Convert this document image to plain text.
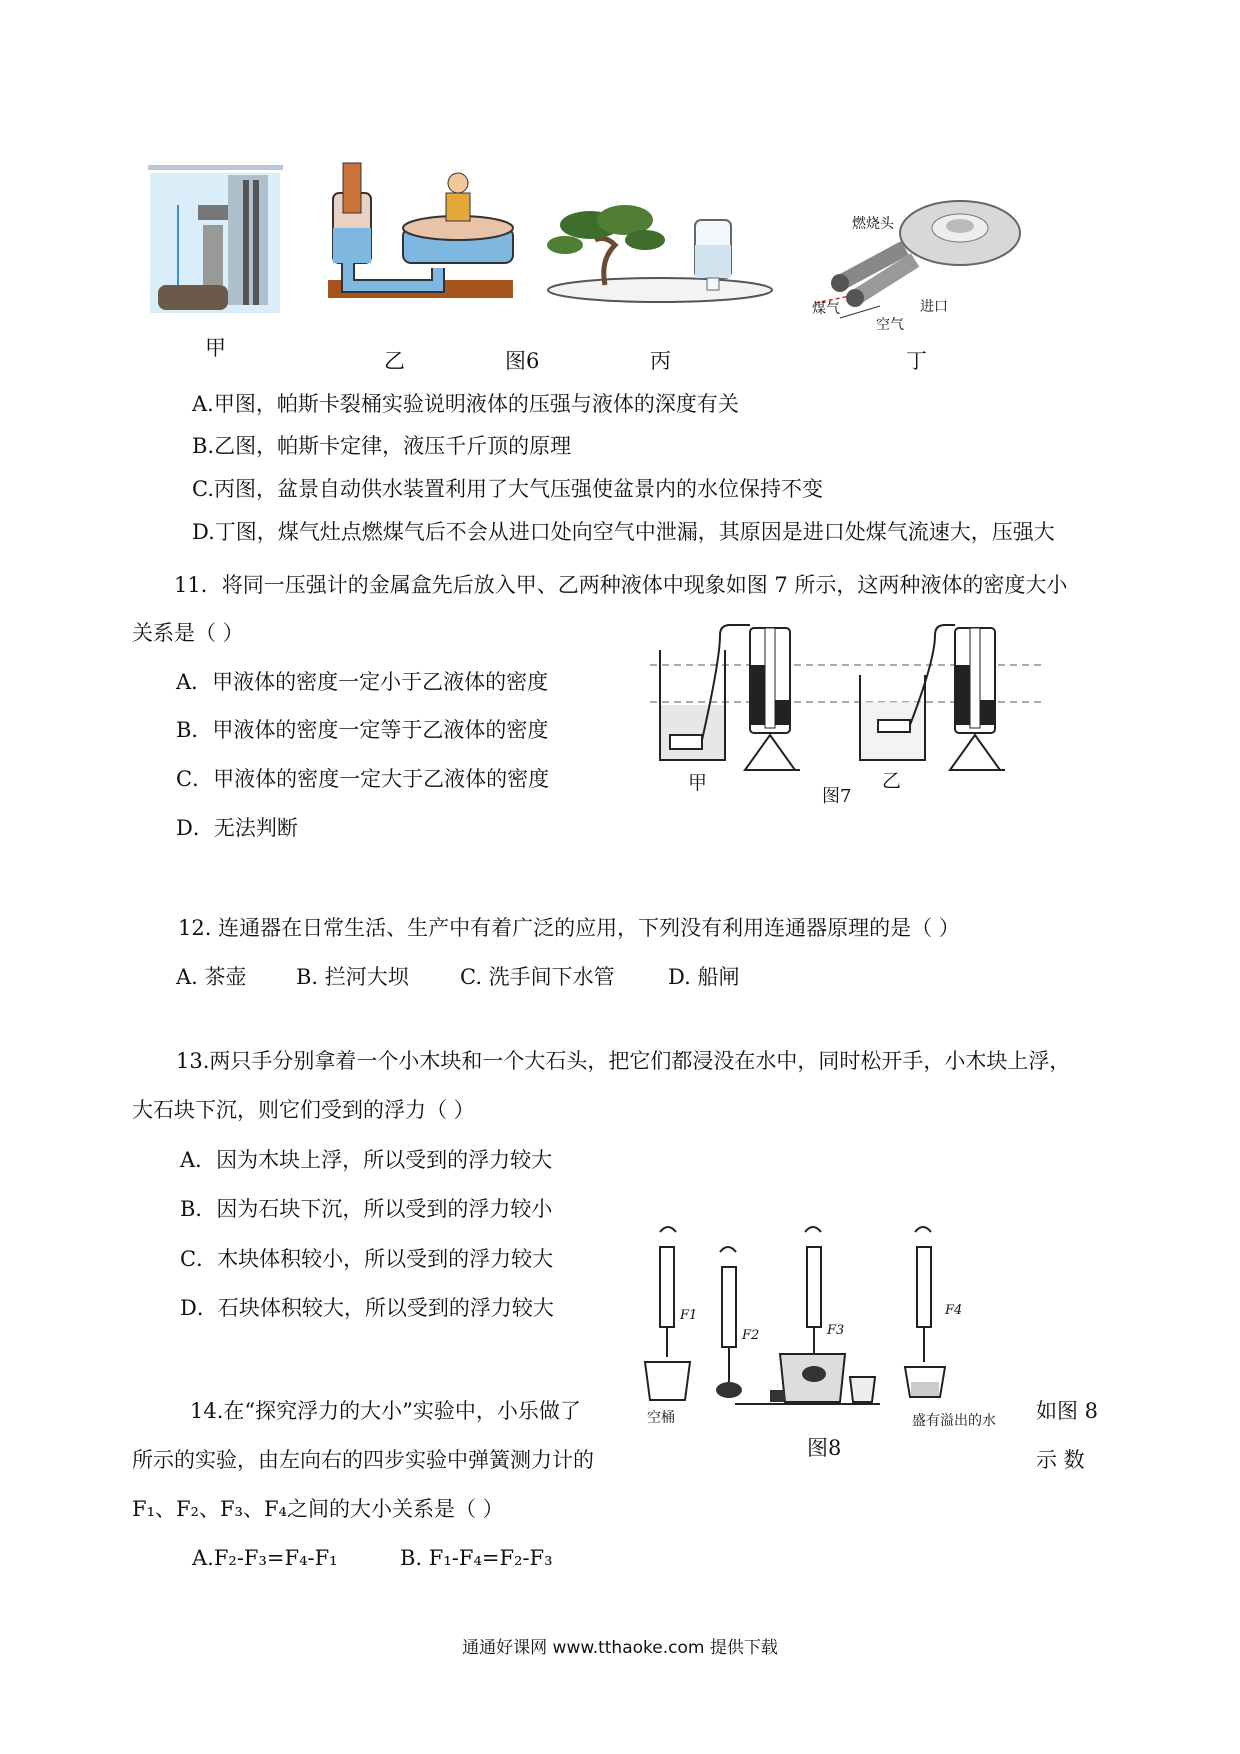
甲
乙	图6	丙
燃烧头
煤气	进口
空气
丁
A.甲图，帕斯卡裂桶实验说明液体的压强与液体的深度有关
B.乙图，帕斯卡定律，液压千斤顶的原理
C.丙图，盆景自动供水装置利用了大气压强使盆景内的水位保持不变
D.丁图，煤气灶点燃煤气后不会从进口处向空气中泄漏，其原因是进口处煤气流速大，压强大
11．将同一压强计的金属盒先后放入甲、乙两种液体中现象如图 7 所示，这两种液体的密度大小
关系是（ ）
A．甲液体的密度一定小于乙液体的密度
B．甲液体的密度一定等于乙液体的密度
C．甲液体的密度一定大于乙液体的密度
D．无法判断
甲	乙
图7
12. 连通器在日常生活、生产中有着广泛的应用，下列没有利用连通器原理的是（ ）
A. 茶壶 B. 拦河大坝 C. 洗手间下水管	D. 船闸
13.两只手分别拿着一个小木块和一个大石头，把它们都浸没在水中，同时松开手，小木块上浮，
大石块下沉，则它们受到的浮力（ ）
A．因为木块上浮，所以受到的浮力较大
B．因为石块下沉，所以受到的浮力较小
C．木块体积较小，所以受到的浮力较大
D．石块体积较大，所以受到的浮力较大	F1
F2	F3
F4
空桶	盛有溢出的水
图8
14.在“探究浮力的大小”实验中，小乐做了	如图 8
所示的实验，由左向右的四步实验中弹簧测力计的	示 数
F₁、F₂、F₃、F₄之间的大小关系是（ ）
A.F₂-F₃=F₄-F₁	B. F₁-F₄=F₂-F₃
通通好课网 www.tthaoke.com 提供下载
